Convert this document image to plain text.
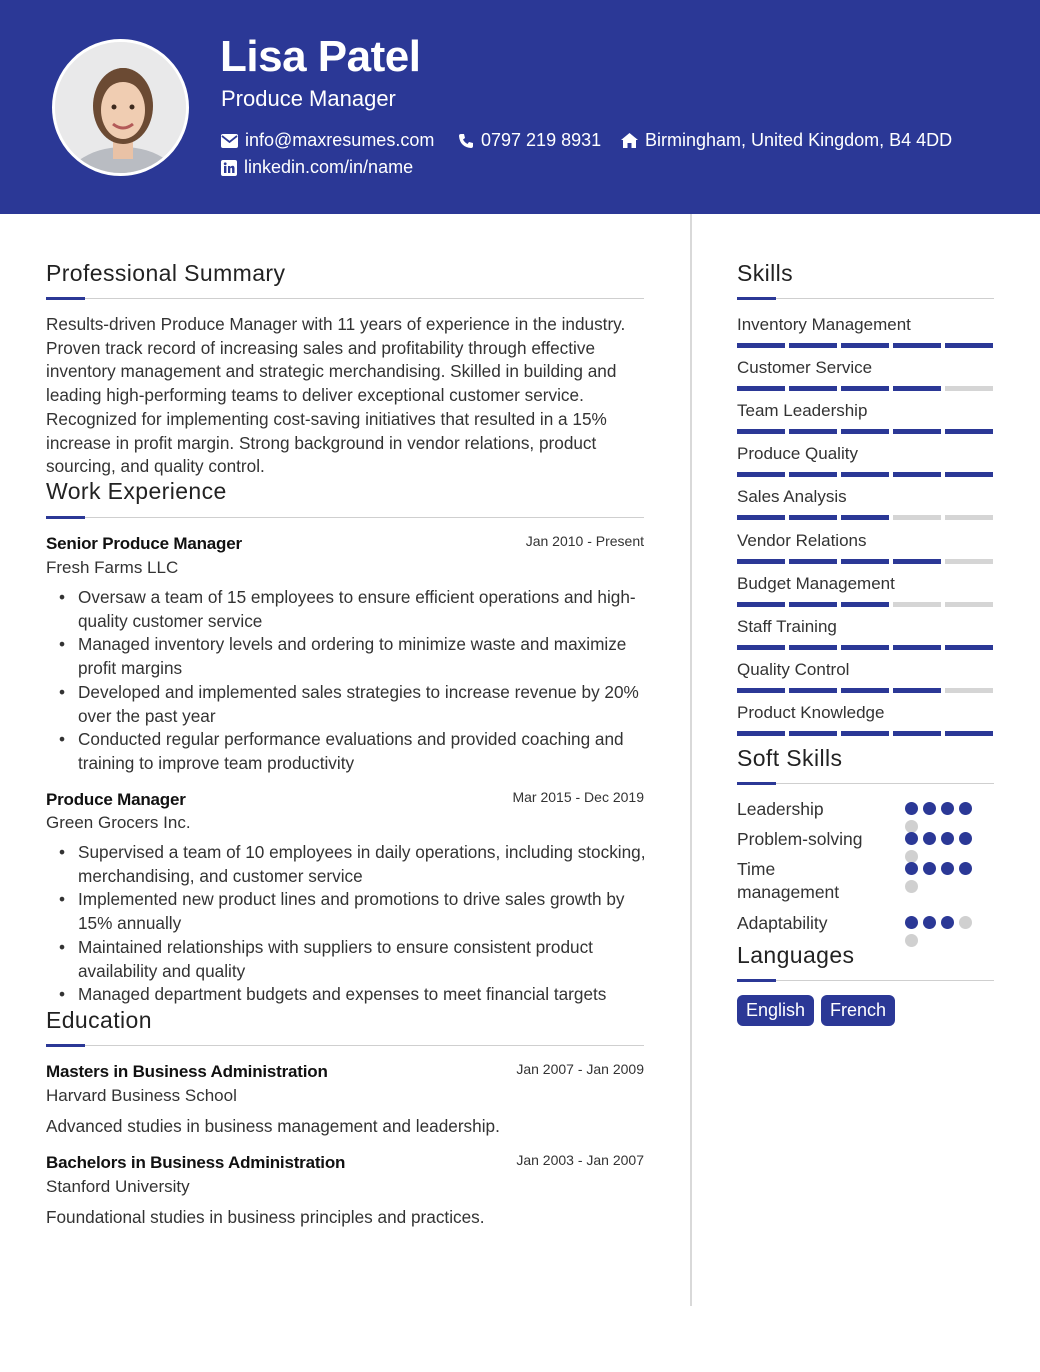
Lisa Patel
Produce Manager
info@maxresumes.com	0797 219 8931 Birmingham, United Kingdom, B4 4DD
linkedin.com/in/name
Professional Summary
Results-driven Produce Manager with 11 years of experience in the industry. Proven track record of increasing sales and profitability through effective inventory management and strategic merchandising. Skilled in building and leading high-performing teams to deliver exceptional customer service. Recognized for implementing cost-saving initiatives that resulted in a 15% increase in profit margin. Strong background in vendor relations, product sourcing, and quality control.
Work Experience
Senior Produce Manager	Jan 2010 - Present
Fresh Farms LLC
• Oversaw a team of 15 employees to ensure efficient operations and high-quality customer service
• Managed inventory levels and ordering to minimize waste and maximize profit margins
• Developed and implemented sales strategies to increase revenue by 20% over the past year
• Conducted regular performance evaluations and provided coaching and training to improve team productivity
Produce Manager	Mar 2015 - Dec 2019
Green Grocers Inc.
• Supervised a team of 10 employees in daily operations, including stocking, merchandising, and customer service
• Implemented new product lines and promotions to drive sales growth by 15% annually
• Maintained relationships with suppliers to ensure consistent product availability and quality
• Managed department budgets and expenses to meet financial targets
Education
Masters in Business Administration	Jan 2007 - Jan 2009
Harvard Business School
Advanced studies in business management and leadership.
Bachelors in Business Administration	Jan 2003 - Jan 2007
Stanford University
Foundational studies in business principles and practices.
Skills
Inventory Management
Customer Service
Team Leadership
Produce Quality
Sales Analysis
Vendor Relations
Budget Management
Staff Training
Quality Control
Product Knowledge
Soft Skills
Leadership
Problem-solving
Time management
Adaptability
Languages
English	French
